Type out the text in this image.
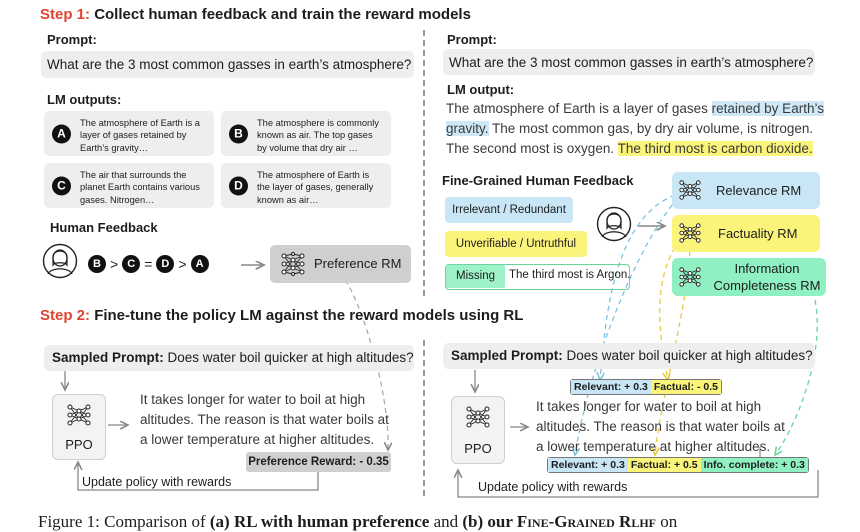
Step 1: Collect human feedback and train the reward models
Prompt:
What are the 3 most common gasses in earth’s atmosphere?
LM outputs:
A
The atmosphere of Earth is a
layer of gases retained by
Earth’s gravity…
B
The atmosphere is commonly
known as air. The top gases
by volume that dry air …
C
The air that surrounds the
planet Earth contains various
gases. Nitrogen…
D
The atmosphere of Earth is
the layer of gases, generally
known as air…
Human Feedback
B > C = D > A	Preference RM
Prompt:
What are the 3 most common gasses in earth’s atmosphere?
LM output:
The atmosphere of Earth is a layer of gases retained by Earth’s
gravity. The most common gas, by dry air volume, is nitrogen.
The second most is oxygen. The third most is carbon dioxide.
Fine-Grained Human Feedback
Irrelevant / Redundant
Unverifiable / Untruthful
Missing	The third most is Argon.
Relevance RM
Factuality RM
Information
Completeness RM
Step 2: Fine-tune the policy LM against the reward models using RL
Sampled Prompt: Does water boil quicker at high altitudes?
PPO
It takes longer for water to boil at high
altitudes. The reason is that water boils at
a lower temperature at higher altitudes.
Preference Reward: - 0.35
Update policy with rewards
Sampled Prompt: Does water boil quicker at high altitudes?
PPO
Relevant: + 0.3 Factual: - 0.5
It takes longer for water to boil at high
altitudes. The reason is that water boils at
a lower temperature at higher altitudes.
Relevant: + 0.3 Factual: + 0.5 Info. complete: + 0.3
Update policy with rewards
Figure 1: Comparison of (a) RL with human preference and (b) our Fine-Grained Rlhf on
